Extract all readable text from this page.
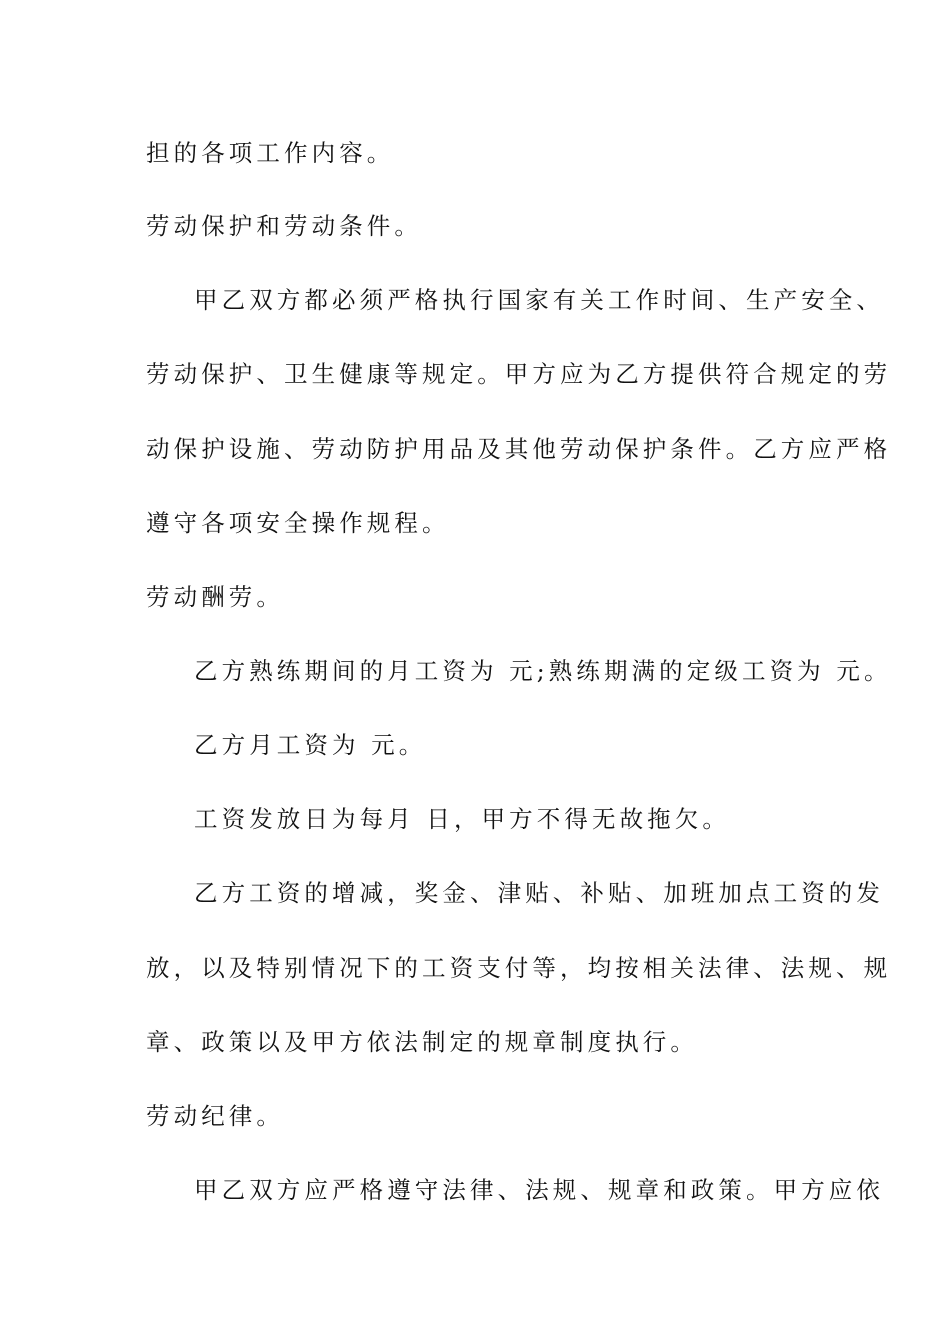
担的各项工作内容。

劳动保护和劳动条件。

甲乙双方都必须严格执行国家有关工作时间、生产安全、

劳动保护、卫生健康等规定。甲方应为乙方提供符合规定的劳

动保护设施、劳动防护用品及其他劳动保护条件。乙方应严格

遵守各项安全操作规程。

劳动酬劳。

乙方熟练期间的月工资为 元;熟练期满的定级工资为 元。

乙方月工资为 元。

工资发放日为每月 日，甲方不得无故拖欠。

乙方工资的增减，奖金、津贴、补贴、加班加点工资的发

放，以及特别情况下的工资支付等，均按相关法律、法规、规

章、政策以及甲方依法制定的规章制度执行。

劳动纪律。

甲乙双方应严格遵守法律、法规、规章和政策。甲方应依
